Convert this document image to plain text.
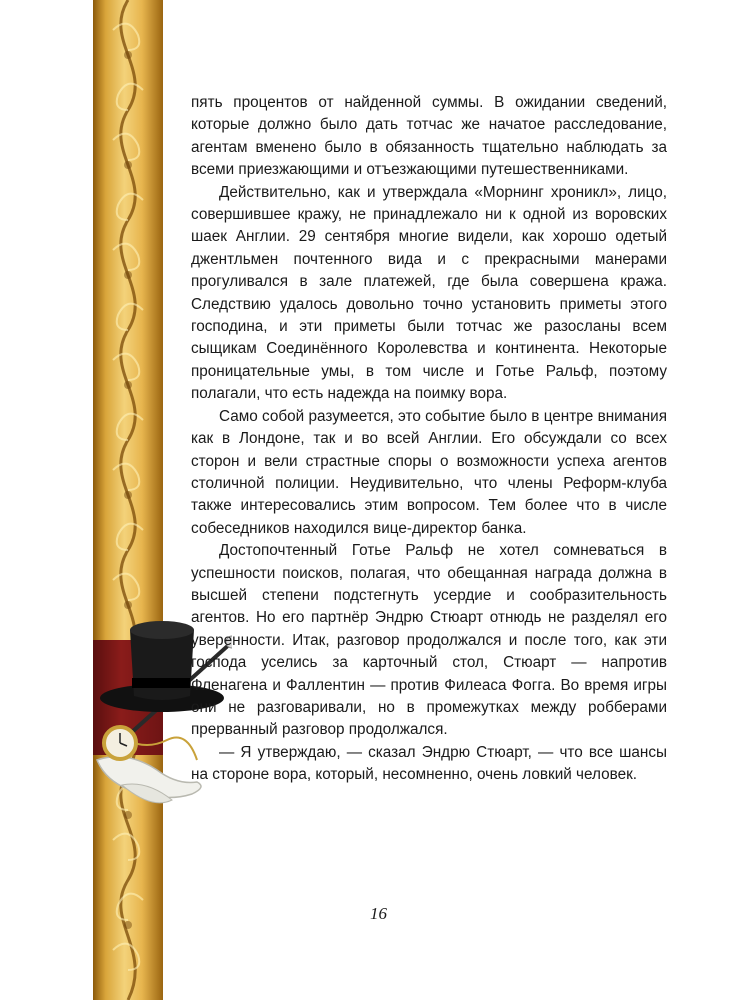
пять процентов от найденной суммы. В ожидании сведений, которые должно было дать тотчас же начатое расследование, агентам вменено было в обязанность тщательно наблюдать за всеми приезжающими и отъезжающими путешественниками.

Действительно, как и утверждала «Морнинг хроникл», лицо, совершившее кражу, не принадлежало ни к одной из воровских шаек Англии. 29 сентября многие видели, как хорошо одетый джентльмен почтенного вида и с прекрасными манерами прогуливался в зале платежей, где была совершена кража. Следствию удалось довольно точно установить приметы этого господина, и эти приметы были тотчас же разосланы всем сыщикам Соединённого Королевства и континента. Некоторые проницательные умы, в том числе и Готье Ральф, поэтому полагали, что есть надежда на поимку вора.

Само собой разумеется, это событие было в центре внимания как в Лондоне, так и во всей Англии. Его обсуждали со всех сторон и вели страстные споры о возможности успеха агентов столичной полиции. Неудивительно, что члены Реформ-клуба также интересовались этим вопросом. Тем более что в числе собеседников находился вице-директор банка.

Достопочтенный Готье Ральф не хотел сомневаться в успешности поисков, полагая, что обещанная награда должна в высшей степени подстегнуть усердие и сообразительность агентов. Но его партнёр Эндрю Стюарт отнюдь не разделял его уверенности. Итак, разговор продолжался и после того, как эти господа уселись за карточный стол, Стюарт — напротив Фленагена и Фаллентин — против Филеаса Фогга. Во время игры они не разговаривали, но в промежутках между робберами прерванный разговор продолжался.

— Я утверждаю, — сказал Эндрю Стюарт, — что все шансы на стороне вора, который, несомненно, очень ловкий человек.

16
